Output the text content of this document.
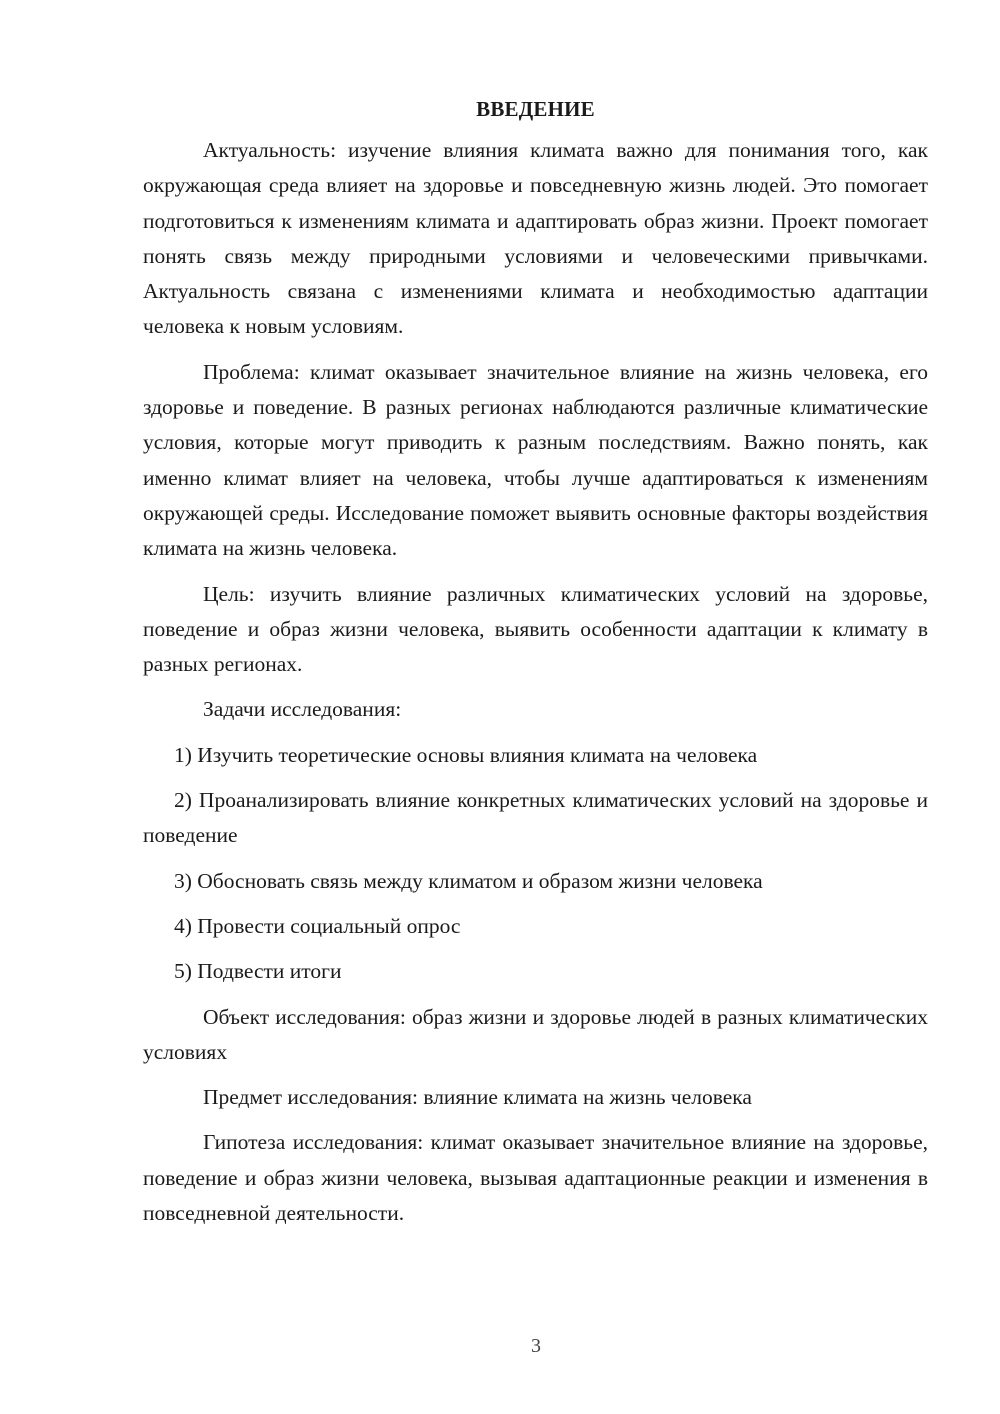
ВВЕДЕНИЕ

Актуальность: изучение влияния климата важно для понимания того, как окружающая среда влияет на здоровье и повседневную жизнь людей. Это помогает подготовиться к изменениям климата и адаптировать образ жизни. Проект помогает понять связь между природными условиями и человеческими привычками. Актуальность связана с изменениями климата и необходимостью адаптации человека к новым условиям.

Проблема: климат оказывает значительное влияние на жизнь человека, его здоровье и поведение. В разных регионах наблюдаются различные климатические условия, которые могут приводить к разным последствиям. Важно понять, как именно климат влияет на человека, чтобы лучше адаптироваться к изменениям окружающей среды. Исследование поможет выявить основные факторы воздействия климата на жизнь человека.

Цель: изучить влияние различных климатических условий на здоровье, поведение и образ жизни человека, выявить особенности адаптации к климату в разных регионах.

Задачи исследования:

1) Изучить теоретические основы влияния климата на человека

2) Проанализировать влияние конкретных климатических условий на здоровье и поведение

3) Обосновать связь между климатом и образом жизни человека

4) Провести социальный опрос

5) Подвести итоги

Объект исследования: образ жизни и здоровье людей в разных климатических условиях

Предмет исследования: влияние климата на жизнь человека

Гипотеза исследования: климат оказывает значительное влияние на здоровье, поведение и образ жизни человека, вызывая адаптационные реакции и изменения в повседневной деятельности.

3
